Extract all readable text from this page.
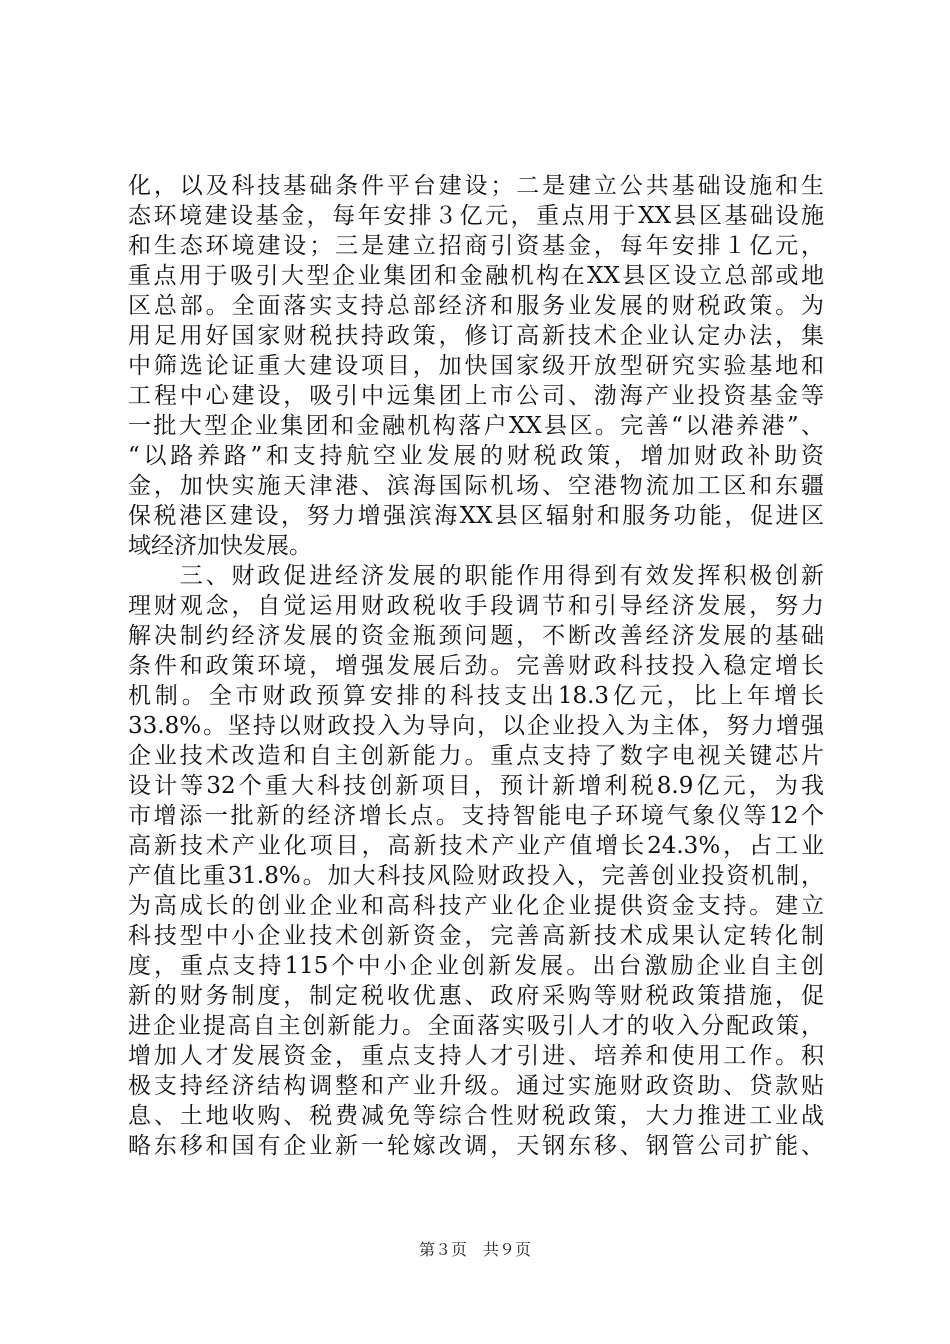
化，以及科技基础条件平台建设；二是建立公共基础设施和生
态环境建设基金，每年安排３亿元，重点用于XX县区基础设施
和生态环境建设；三是建立招商引资基金，每年安排１亿元，
重点用于吸引大型企业集团和金融机构在XX县区设立总部或地
区总部。全面落实支持总部经济和服务业发展的财税政策。为
用足用好国家财税扶持政策，修订高新技术企业认定办法，集
中筛选论证重大建设项目，加快国家级开放型研究实验基地和
工程中心建设，吸引中远集团上市公司、渤海产业投资基金等
一批大型企业集团和金融机构落户XX县区。完善“以港养港”、
“以路养路”和支持航空业发展的财税政策，增加财政补助资
金，加快实施天津港、滨海国际机场、空港物流加工区和东疆
保税港区建设，努力增强滨海XX县区辐射和服务功能，促进区
域经济加快发展。
　　三、财政促进经济发展的职能作用得到有效发挥积极创新
理财观念，自觉运用财政税收手段调节和引导经济发展，努力
解决制约经济发展的资金瓶颈问题，不断改善经济发展的基础
条件和政策环境，增强发展后劲。完善财政科技投入稳定增长
机制。全市财政预算安排的科技支出18.3亿元，比上年增长
33.8%。坚持以财政投入为导向，以企业投入为主体，努力增强
企业技术改造和自主创新能力。重点支持了数字电视关键芯片
设计等32个重大科技创新项目，预计新增利税8.9亿元，为我
市增添一批新的经济增长点。支持智能电子环境气象仪等12个
高新技术产业化项目，高新技术产业产值增长24.3%，占工业
产值比重31.8%。加大科技风险财政投入，完善创业投资机制，
为高成长的创业企业和高科技产业化企业提供资金支持。建立
科技型中小企业技术创新资金，完善高新技术成果认定转化制
度，重点支持115个中小企业创新发展。出台激励企业自主创
新的财务制度，制定税收优惠、政府采购等财税政策措施，促
进企业提高自主创新能力。全面落实吸引人才的收入分配政策，
增加人才发展资金，重点支持人才引进、培养和使用工作。积
极支持经济结构调整和产业升级。通过实施财政资助、贷款贴
息、土地收购、税费减免等综合性财税政策，大力推进工业战
略东移和国有企业新一轮嫁改调，天钢东移、钢管公司扩能、
第３页　共９页
